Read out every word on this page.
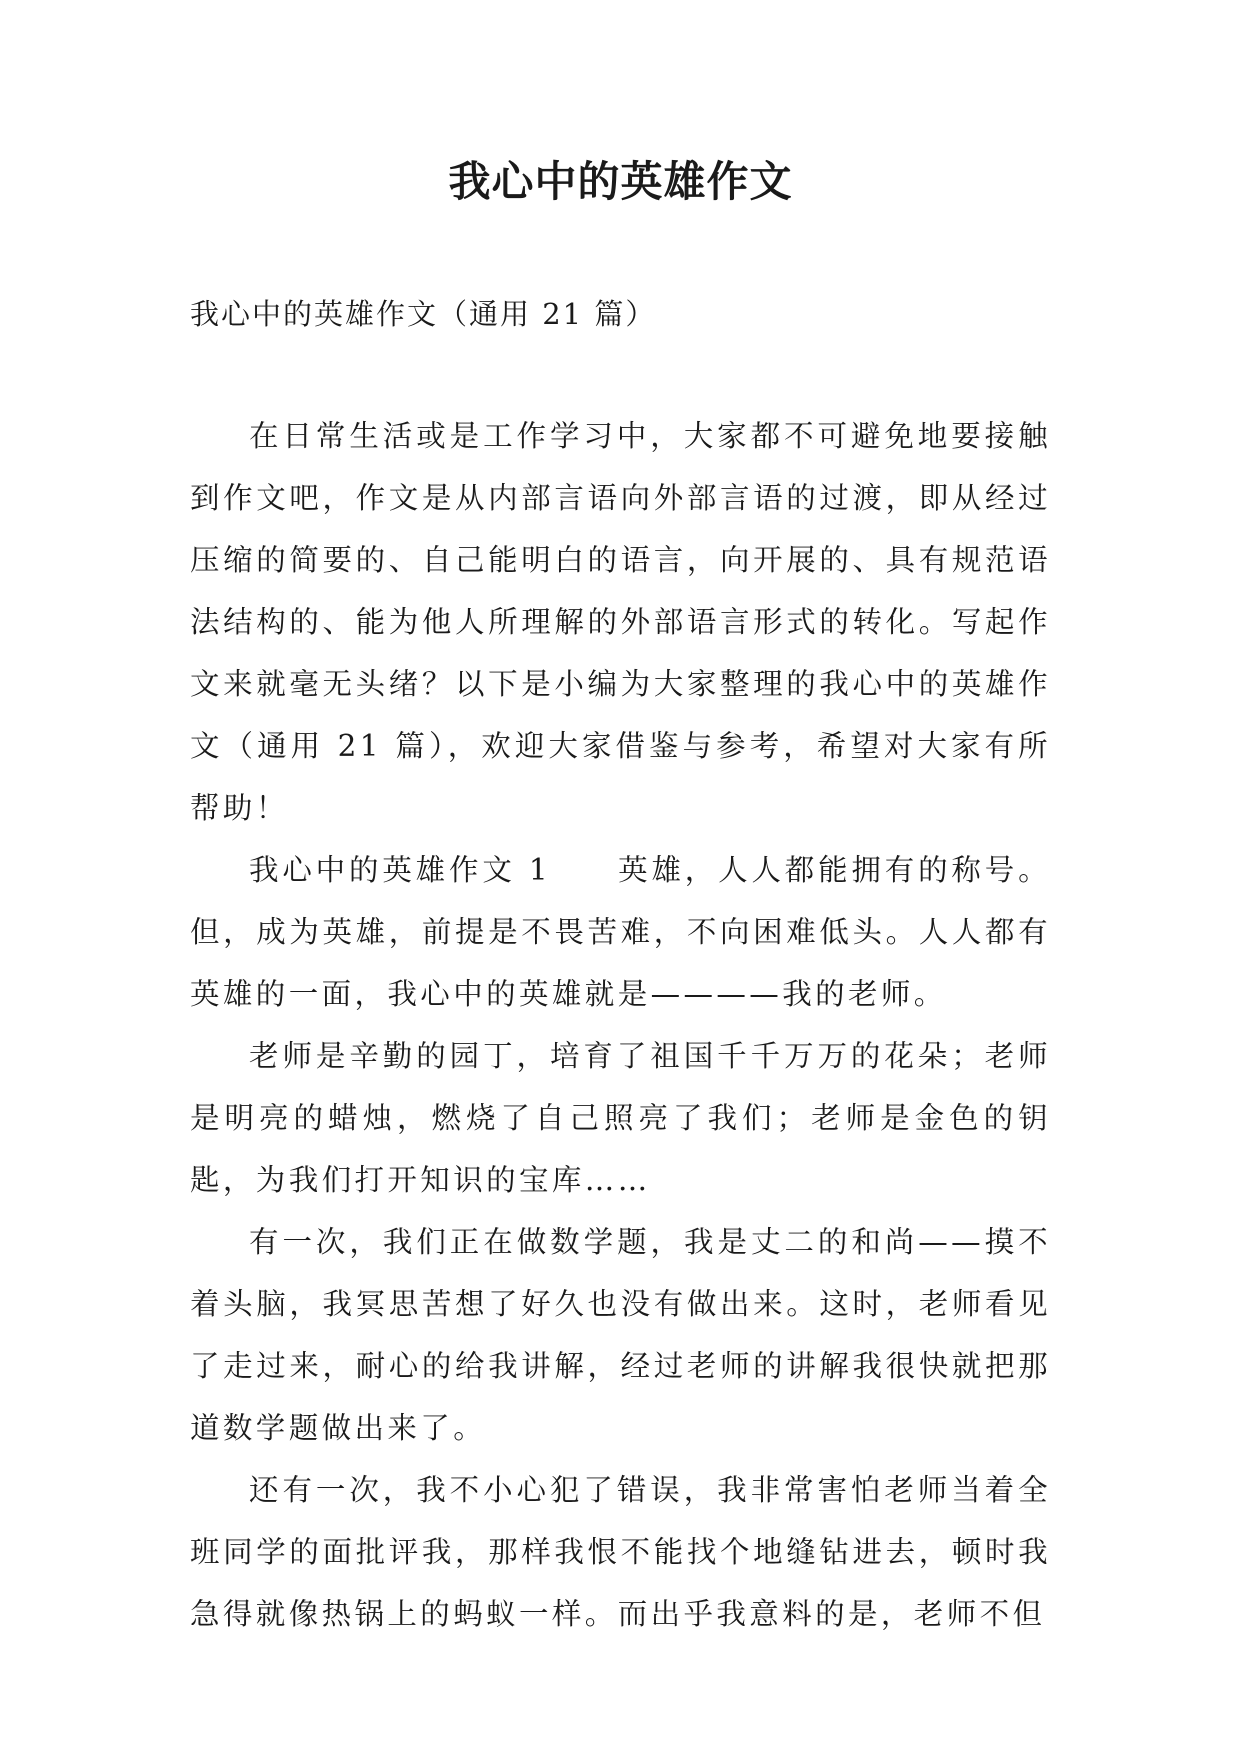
我心中的英雄作文

我心中的英雄作文（通用 21 篇）

在日常生活或是工作学习中，大家都不可避免地要接触到作文吧，作文是从内部言语向外部言语的过渡，即从经过压缩的简要的、自己能明白的语言，向开展的、具有规范语法结构的、能为他人所理解的外部语言形式的转化。写起作文来就毫无头绪？以下是小编为大家整理的我心中的英雄作文（通用 21 篇），欢迎大家借鉴与参考，希望对大家有所帮助！

我心中的英雄作文 1　　英雄，人人都能拥有的称号。但，成为英雄，前提是不畏苦难，不向困难低头。人人都有英雄的一面，我心中的英雄就是————我的老师。

老师是辛勤的园丁，培育了祖国千千万万的花朵；老师是明亮的蜡烛，燃烧了自己照亮了我们；老师是金色的钥匙，为我们打开知识的宝库……

有一次，我们正在做数学题，我是丈二的和尚——摸不着头脑，我冥思苦想了好久也没有做出来。这时，老师看见了走过来，耐心的给我讲解，经过老师的讲解我很快就把那道数学题做出来了。

还有一次，我不小心犯了错误，我非常害怕老师当着全班同学的面批评我，那样我恨不能找个地缝钻进去，顿时我急得就像热锅上的蚂蚁一样。而出乎我意料的是，老师不但
